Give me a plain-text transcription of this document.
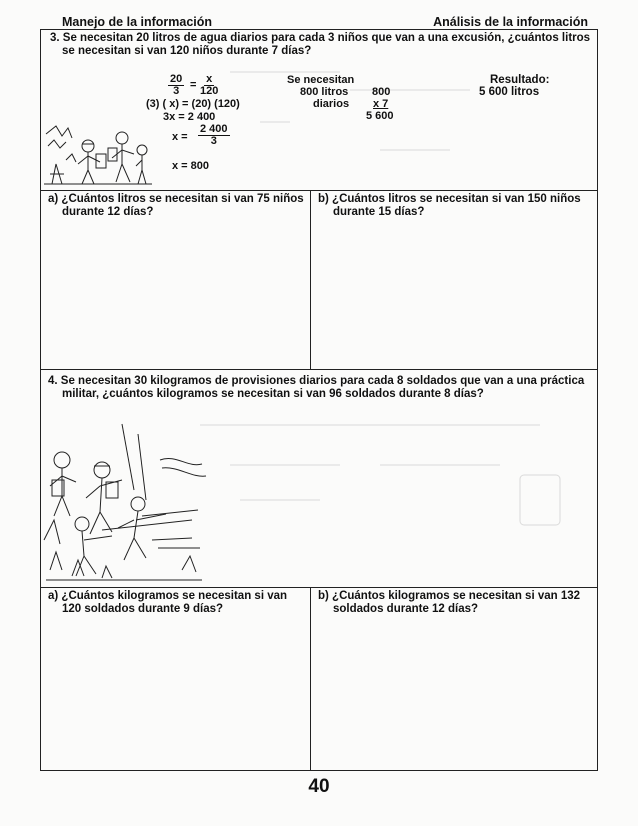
Manejo de la información	Análisis de la información
3. Se necesitan 20 litros de agua diarios para cada 3 niños que van a una excusión, ¿cuántos litros
se necesitan si van 120 niños durante 7 días?
$\frac{20}{3} = \frac{x}{120}$
(3) ( x) = (20) (120)
3x = 2 400
$x = \frac{2 400}{3}$
x = 800
Se necesitan
800 litros
diarios
800
x 7
5 600
Resultado:
5 600 litros
a) ¿Cuántos litros se necesitan si van 75 niños
durante 12 días?
b) ¿Cuántos litros se necesitan si van 150 niños
durante 15 días?
4. Se necesitan 30 kilogramos de provisiones diarios para cada 8 soldados que van a una práctica
militar, ¿cuántos kilogramos se necesitan si van 96 soldados durante 8 días?
a) ¿Cuántos kilogramos se necesitan si van
120 soldados durante 9 días?
b) ¿Cuántos kilogramos se necesitan si van 132
soldados durante 12 días?
40
